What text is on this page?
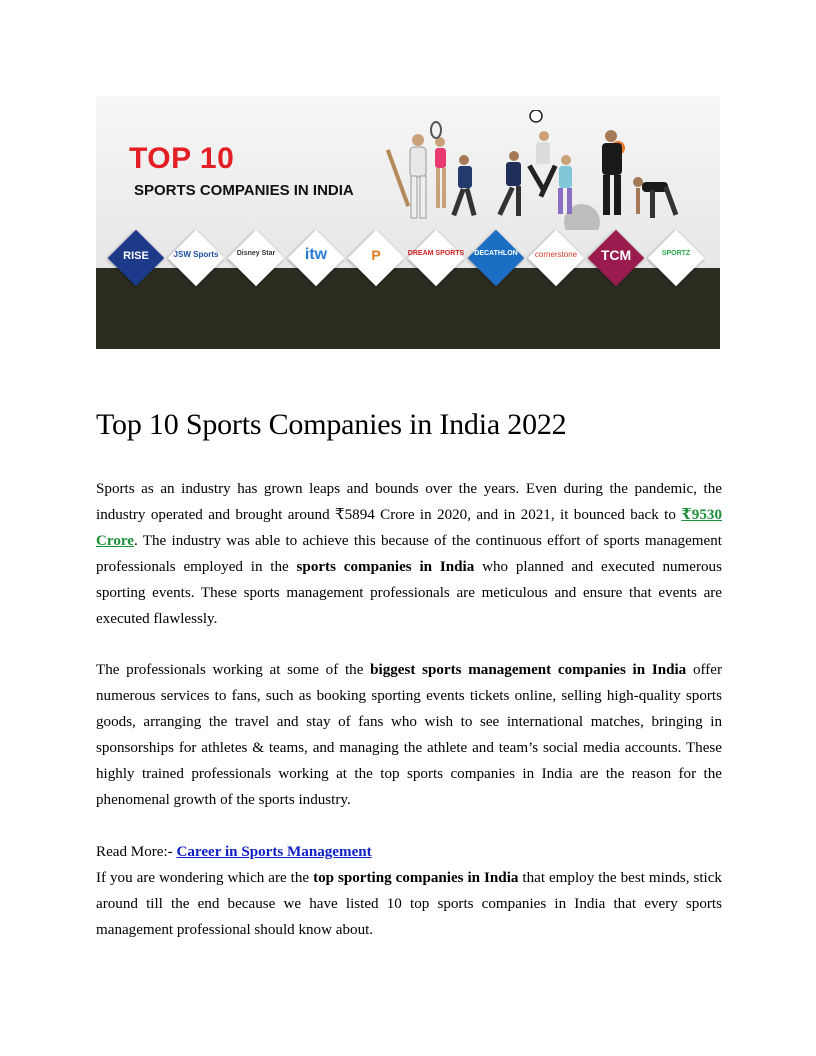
TOP 10
SPORTS COMPANIES IN INDIA
RISE	JSW Sports	Disney Star	itw	P	DREAM SPORTS	DECATHLON	cornerstone	TCM	SPORTZ
Top 10 Sports Companies in India 2022
Sports as an industry has grown leaps and bounds over the years. Even during the pandemic, the industry operated and brought around ₹5894 Crore in 2020, and in 2021, it bounced back to ₹9530 Crore. The industry was able to achieve this because of the continuous effort of sports management professionals employed in the sports companies in India who planned and executed numerous sporting events. These sports management professionals are meticulous and ensure that events are executed flawlessly.
The professionals working at some of the biggest sports management companies in India offer numerous services to fans, such as booking sporting events tickets online, selling high-quality sports goods, arranging the travel and stay of fans who wish to see international matches, bringing in sponsorships for athletes & teams, and managing the athlete and team’s social media accounts. These highly trained professionals working at the top sports companies in India are the reason for the phenomenal growth of the sports industry.
Read More:- Career in Sports Management
If you are wondering which are the top sporting companies in India that employ the best minds, stick around till the end because we have listed 10 top sports companies in India that every sports management professional should know about.
